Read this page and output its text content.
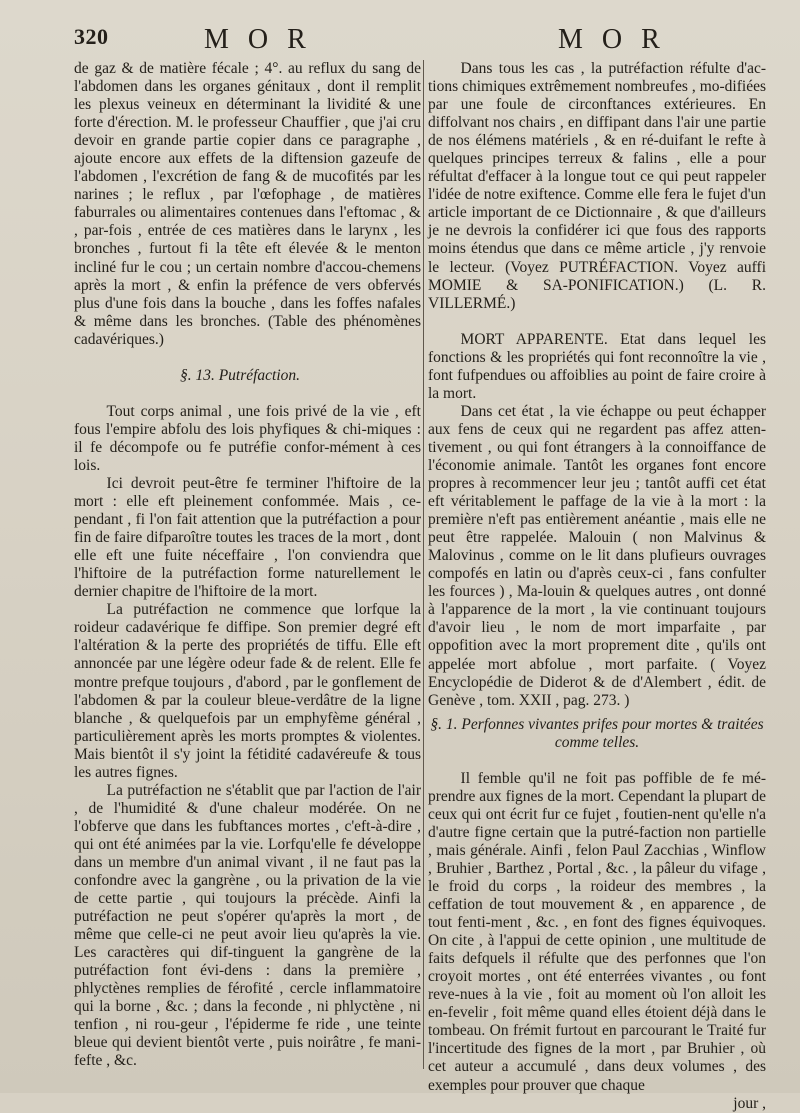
320	M O R	M O R

de gaz & de matière fécale ; 4°. au reflux du sang de l'abdomen dans les organes génitaux , dont il remplit les plexus veineux en déterminant la lividité & une forte d'érection. M. le professeur Chauffier , que j'ai cru devoir en grande partie copier dans ce paragraphe , ajoute encore aux effets de la diftension gazeufe de l'abdomen , l'excrétion de fang & de mucofités par les narines ; le reflux , par l'œfophage , de matières faburrales ou alimentaires contenues dans l'eftomac , & , par-fois , entrée de ces matières dans le larynx , les bronches , furtout fi la tête eft élevée & le menton incliné fur le cou ; un certain nombre d'accou-chemens après la mort , & enfin la préfence de vers obfervés plus d'une fois dans la bouche , dans les foffes nafales & même dans les bronches. (Table des phénomènes cadavériques.)

§. 13. Putréfaction.

Tout corps animal , une fois privé de la vie , eft fous l'empire abfolu des lois phyfiques & chi-miques : il fe décompofe ou fe putréfie confor-mément à ces lois.

Ici devroit peut-être fe terminer l'hiftoire de la mort : elle eft pleinement confommée. Mais , ce-pendant , fi l'on fait attention que la putréfaction a pour fin de faire difparoître toutes les traces de la mort , dont elle eft une fuite néceffaire , l'on conviendra que l'hiftoire de la putréfaction forme naturellement le dernier chapitre de l'hiftoire de la mort.

La putréfaction ne commence que lorfque la roideur cadavérique fe diffipe. Son premier degré eft l'altération & la perte des propriétés de tiffu. Elle eft annoncée par une légère odeur fade & de relent. Elle fe montre prefque toujours , d'abord , par le gonflement de l'abdomen & par la couleur bleue-verdâtre de la ligne blanche , & quelquefois par un emphyfème général , particulièrement après les morts promptes & violentes. Mais bientôt il s'y joint la fétidité cadavéreufe & tous les autres fignes.

La putréfaction ne s'établit que par l'action de l'air , de l'humidité & d'une chaleur modérée. On ne l'obferve que dans les fubftances mortes , c'eft-à-dire , qui ont été animées par la vie. Lorfqu'elle fe développe dans un membre d'un animal vivant , il ne faut pas la confondre avec la gangrène , ou la privation de la vie de cette partie , qui toujours la précède. Ainfi la putréfaction ne peut s'opérer qu'après la mort , de même que celle-ci ne peut avoir lieu qu'après la vie. Les caractères qui dif-tinguent la gangrène de la putréfaction font évi-dens : dans la première , phlyctènes remplies de férofité , cercle inflammatoire qui la borne , &c. ; dans la feconde , ni phlyctène , ni tenfion , ni rou-geur , l'épiderme fe ride , une teinte bleue qui devient bientôt verte , puis noirâtre , fe mani-fefte , &c.

Dans tous les cas , la putréfaction réfulte d'ac-tions chimiques extrêmement nombreufes , mo-difiées par une foule de circonftances extérieures. En diffolvant nos chairs , en diffipant dans l'air une partie de nos élémens matériels , & en ré-duifant le refte à quelques principes terreux & falins , elle a pour réfultat d'effacer à la longue tout ce qui peut rappeler l'idée de notre exiftence. Comme elle fera le fujet d'un article important de ce Dictionnaire , & que d'ailleurs je ne devrois la confidérer ici que fous des rapports moins étendus que dans ce même article , j'y renvoie le lecteur. (Voyez PUTRÉFACTION. Voyez auffi MOMIE & SA-PONIFICATION.) (L. R. VILLERMÉ.)

MORT APPARENTE. Etat dans lequel les fonctions & les propriétés qui font reconnoître la vie , font fufpendues ou affoiblies au point de faire croire à la mort.

Dans cet état , la vie échappe ou peut échapper aux fens de ceux qui ne regardent pas affez atten-tivement , ou qui font étrangers à la connoiffance de l'économie animale. Tantôt les organes font encore propres à recommencer leur jeu ; tantôt auffi cet état eft véritablement le paffage de la vie à la mort : la première n'eft pas entièrement anéantie , mais elle ne peut être rappelée. Malouin ( non Malvinus & Malovinus , comme on le lit dans plufieurs ouvrages compofés en latin ou d'après ceux-ci , fans confulter les fources ) , Ma-louin & quelques autres , ont donné à l'apparence de la mort , la vie continuant toujours d'avoir lieu , le nom de mort imparfaite , par oppofition avec la mort proprement dite , qu'ils ont appelée mort abfolue , mort parfaite. ( Voyez Encyclopédie de Diderot & de d'Alembert , édit. de Genève , tom. XXII , pag. 273. )

§. 1. Perfonnes vivantes prifes pour mortes & traitées comme telles.

Il femble qu'il ne foit pas poffible de fe mé-prendre aux fignes de la mort. Cependant la plupart de ceux qui ont écrit fur ce fujet , foutien-nent qu'elle n'a d'autre figne certain que la putré-faction non partielle , mais générale. Ainfi , felon Paul Zacchias , Winflow , Bruhier , Barthez , Portal , &c. , la pâleur du vifage , le froid du corps , la roideur des membres , la ceffation de tout mouvement & , en apparence , de tout fenti-ment , &c. , en font des fignes équivoques. On cite , à l'appui de cette opinion , une multitude de faits defquels il réfulte que des perfonnes que l'on croyoit mortes , ont été enterrées vivantes , ou font reve-nues à la vie , foit au moment où l'on alloit les en-fevelir , foit même quand elles étoient déjà dans le tombeau. On frémit furtout en parcourant le Traité fur l'incertitude des fignes de la mort , par Bruhier , où cet auteur a accumulé , dans deux volumes , des exemples pour prouver que chaque

jour ,
